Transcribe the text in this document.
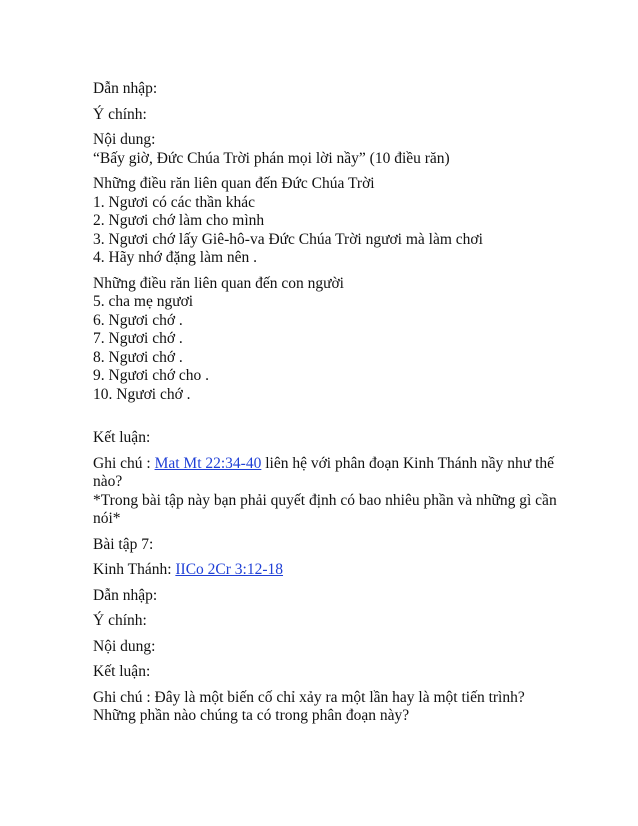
Dẫn nhập:

Ý chính:

Nội dung:
“Bấy giờ, Đức Chúa Trời phán mọi lời nầy” (10 điều răn)

Những điều răn liên quan đến Đức Chúa Trời
1. Ngươi có các thần khác
2. Ngươi chớ làm cho mình
3. Ngươi chớ lấy Giê-hô-va Đức Chúa Trời ngươi mà làm chơi
4. Hãy nhớ đặng làm nên .

Những điều răn liên quan đến con người
5. cha mẹ ngươi
6. Ngươi chớ .
7. Ngươi chớ .
8. Ngươi chớ .
9. Ngươi chớ cho .
10. Ngươi chớ .

Kết luận:

Ghi chú : Mat Mt 22:34-40 liên hệ với phân đoạn Kinh Thánh nầy như thế
nào?
*Trong bài tập này bạn phải quyết định có bao nhiêu phần và những gì cần
nói*

Bài tập 7:

Kinh Thánh: IICo 2Cr 3:12-18

Dẫn nhập:

Ý chính:

Nội dung:

Kết luận:

Ghi chú : Đây là một biến cố chỉ xảy ra một lần hay là một tiến trình?
Những phần nào chúng ta có trong phân đoạn này?
